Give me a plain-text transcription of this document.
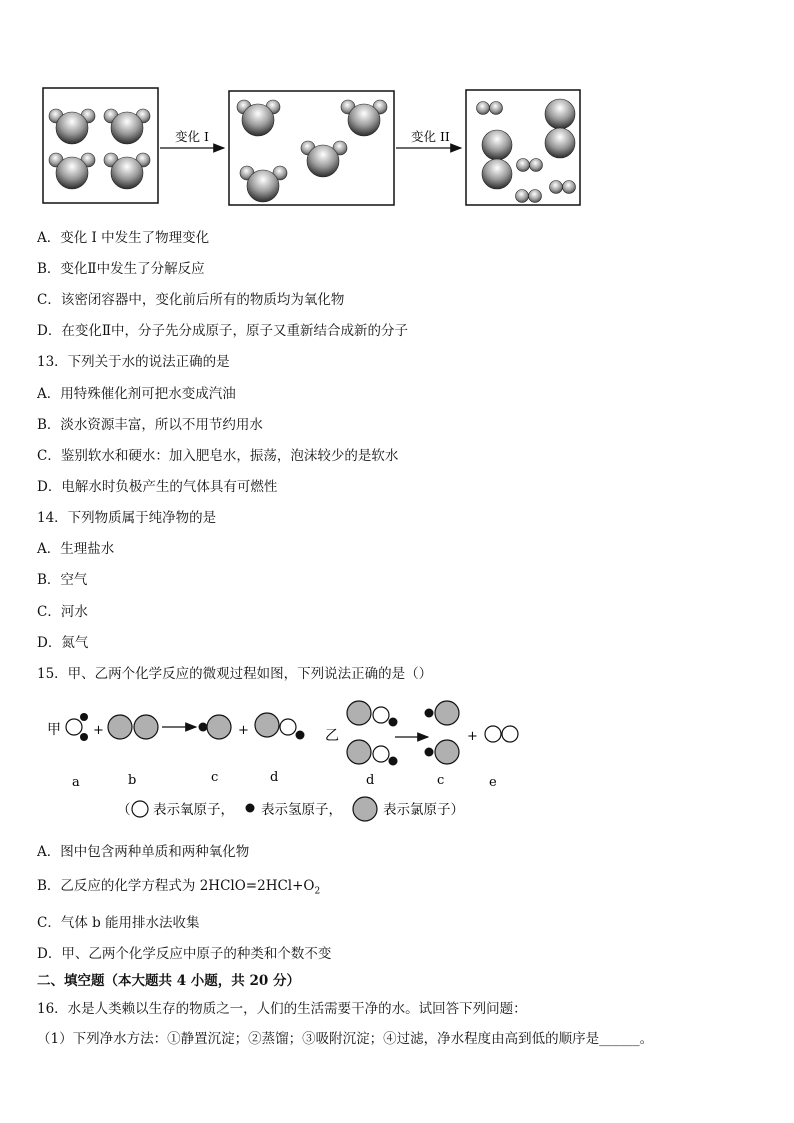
变化 I	变化 II
A．变化 I 中发生了物理变化
B．变化Ⅱ中发生了分解反应
C．该密闭容器中，变化前后所有的物质均为氧化物
D．在变化Ⅱ中，分子先分成原子，原子又重新结合成新的分子
13．下列关于水的说法正确的是
A．用特殊催化剂可把水变成汽油
B．淡水资源丰富，所以不用节约用水
C．鉴别软水和硬水：加入肥皂水，振荡，泡沫较少的是软水
D．电解水时负极产生的气体具有可燃性
14．下列物质属于纯净物的是
A．生理盐水
B．空气
C．河水
D．氮气
15．甲、乙两个化学反应的微观过程如图，下列说法正确的是（）
甲 +	+	乙	+
a	b	c	d	d	c	e
（ 表示氧原子， 表示氢原子，	表示氯原子）
A．图中包含两种单质和两种氧化物
B．乙反应的化学方程式为 $2HClO=2HCl+O_2$
C．气体 b 能用排水法收集
D．甲、乙两个化学反应中原子的种类和个数不变
二、填空题（本大题共 4 小题，共 20 分）
16．水是人类赖以生存的物质之一，人们的生活需要干净的水。试回答下列问题：
（1）下列净水方法：①静置沉淀；②蒸馏；③吸附沉淀；④过滤，净水程度由高到低的顺序是______。
